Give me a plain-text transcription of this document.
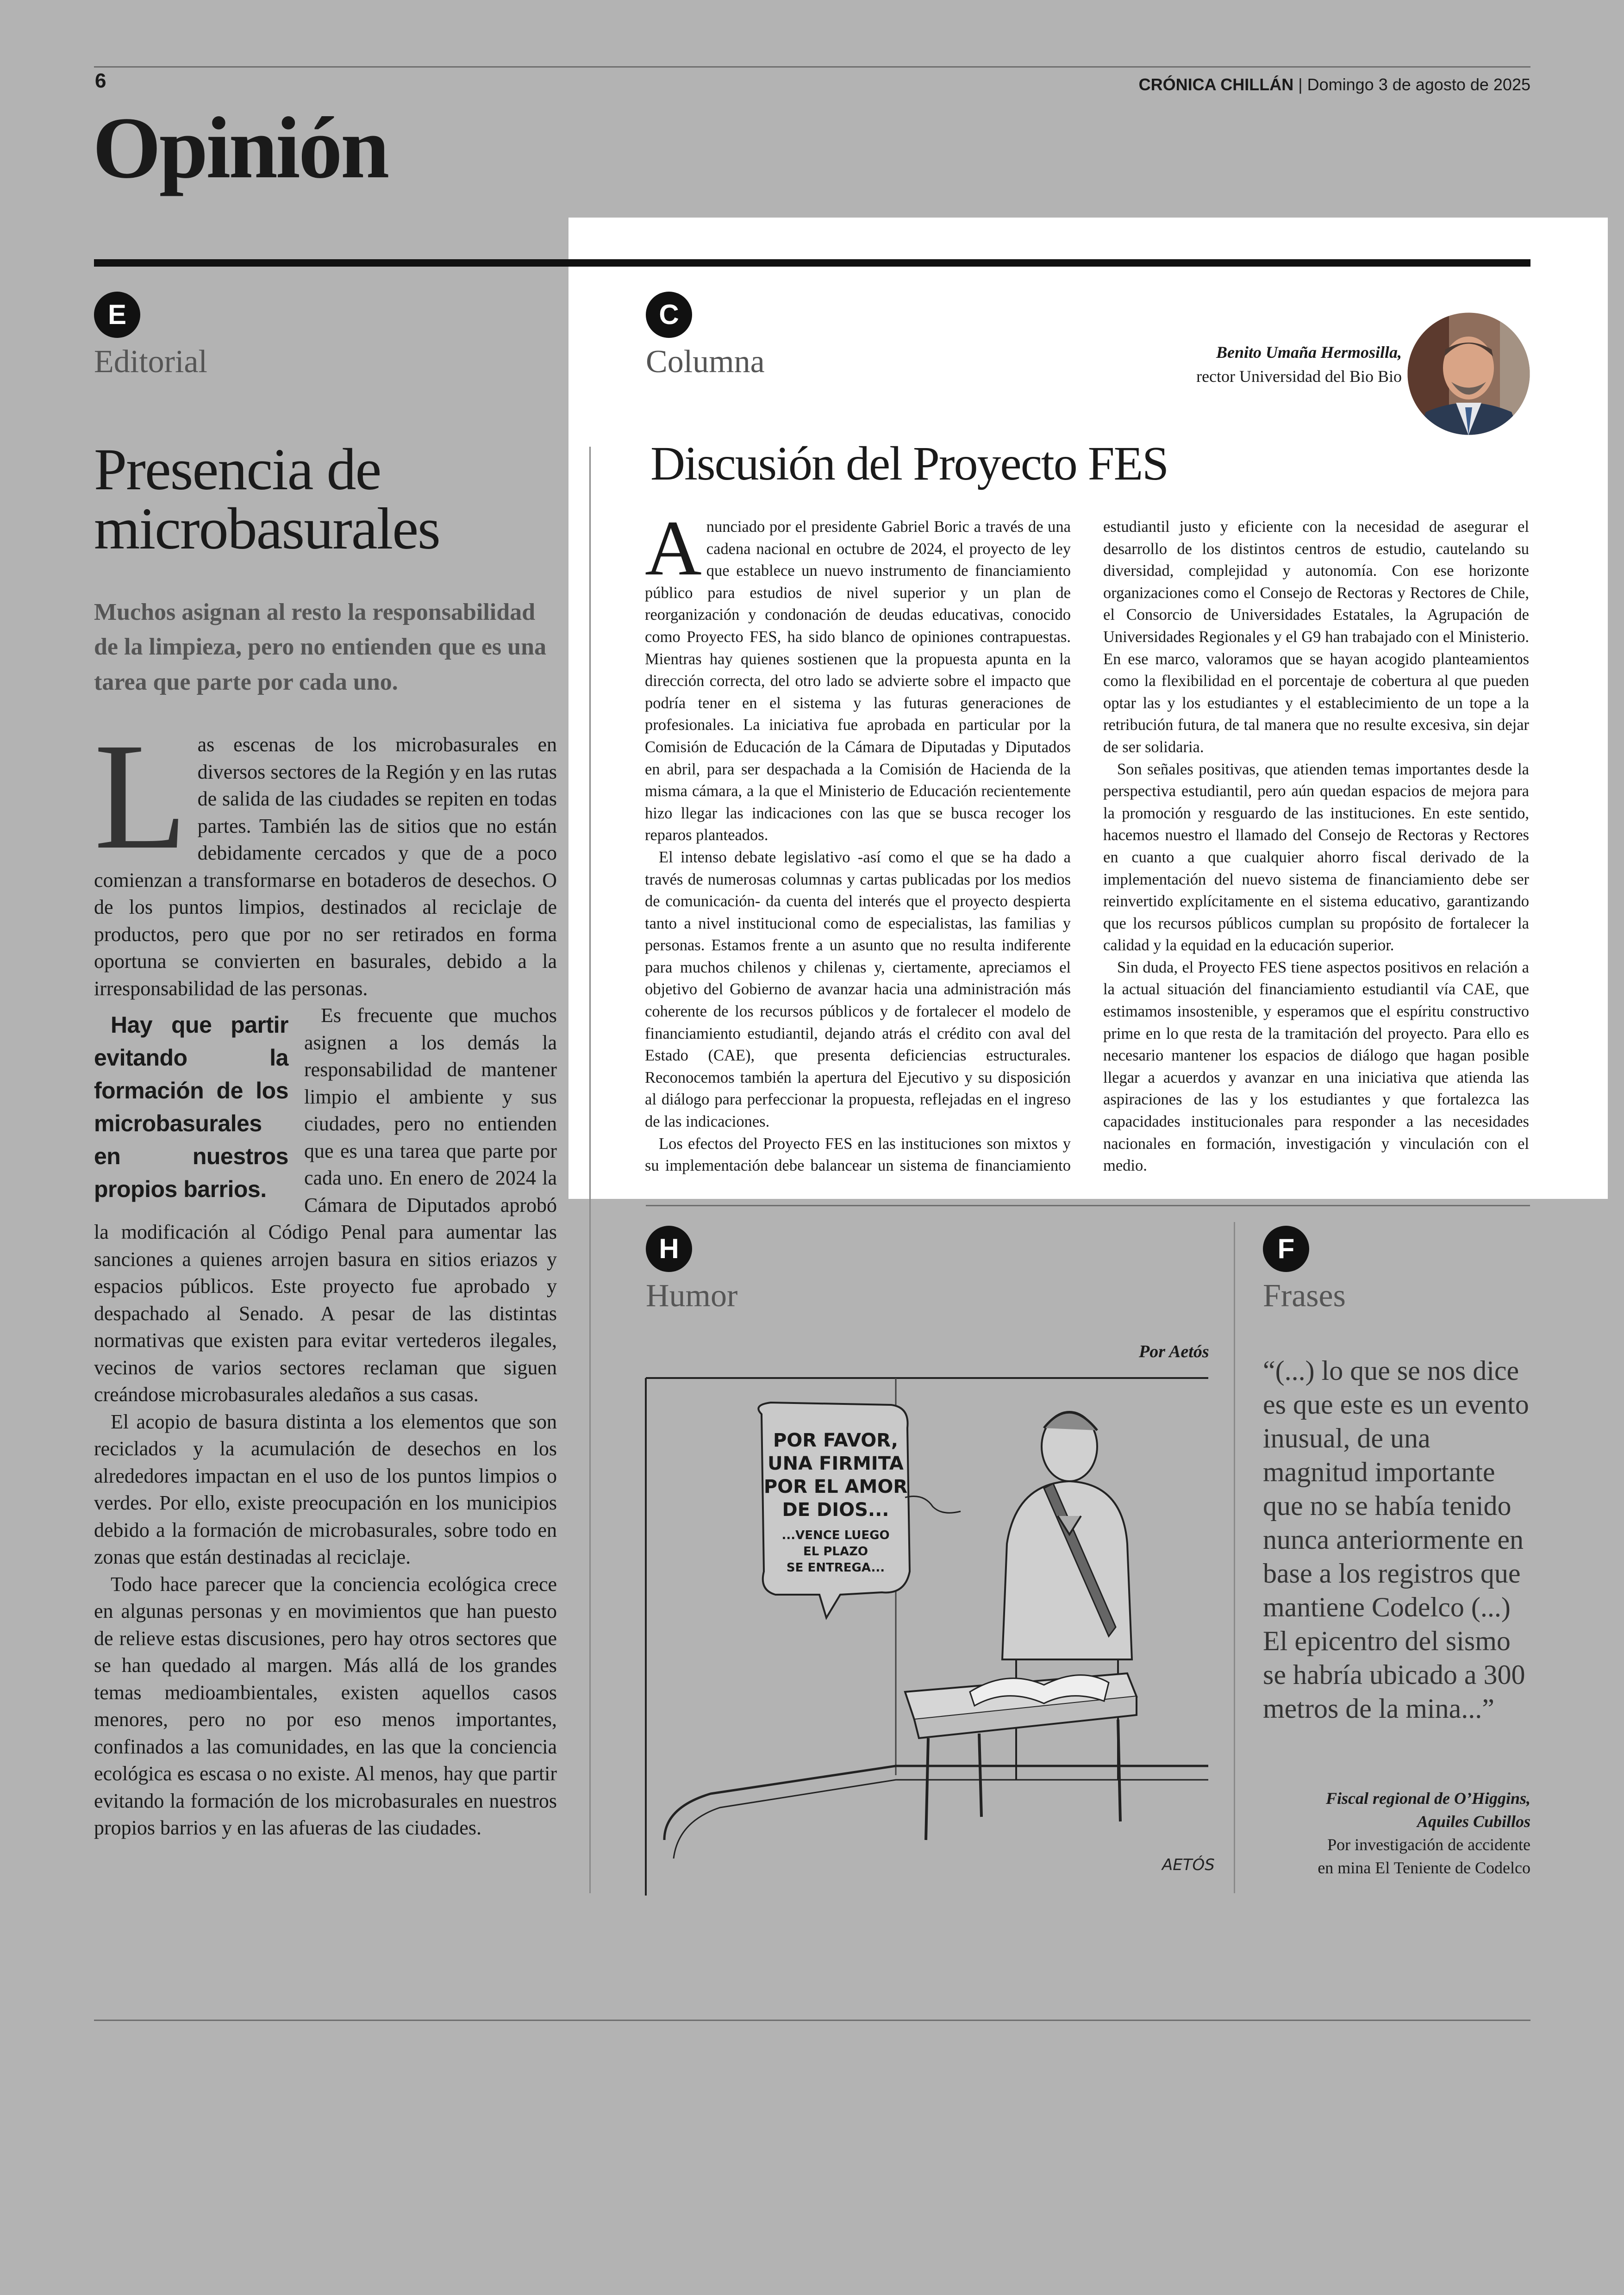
6	CRÓNICA CHILLÁN | Domingo 3 de agosto de 2025
Opinión
E
Editorial
Presencia de microbasurales
Muchos asignan al resto la responsabilidad de la limpieza, pero no entienden que es una tarea que parte por cada uno.

Las escenas de los microbasurales en diversos sectores de la Región y en las rutas de salida de las ciudades se repiten en todas partes. También las de sitios que no están debidamente cercados y que de a poco comienzan a transformarse en botaderos de desechos. O de los puntos limpios, destinados al reciclaje de productos, pero que por no ser retirados en forma oportuna se convierten en basurales, debido a la irresponsabilidad de las personas.

Hay que partir evitando la formación de los microbasurales en nuestros propios barrios.
Es frecuente que muchos asignen a los demás la responsabilidad de mantener limpio el ambiente y sus ciudades, pero no entienden que es una tarea que parte por cada uno. En enero de 2024 la Cámara de Diputados aprobó la modificación al Código Penal para aumentar las sanciones a quienes arrojen basura en sitios eriazos y espacios públicos. Este proyecto fue aprobado y despachado al Senado. A pesar de las distintas normativas que existen para evitar vertederos ilegales, vecinos de varios sectores reclaman que siguen creándose microbasurales aledaños a sus casas.

El acopio de basura distinta a los elementos que son reciclados y la acumulación de desechos en los alrededores impactan en el uso de los puntos limpios o verdes. Por ello, existe preocupación en los municipios debido a la formación de microbasurales, sobre todo en zonas que están destinadas al reciclaje.

Todo hace parecer que la conciencia ecológica crece en algunas personas y en movimientos que han puesto de relieve estas discusiones, pero hay otros sectores que se han quedado al margen. Más allá de los grandes temas medioambientales, existen aquellos casos menores, pero no por eso menos importantes, confinados a las comunidades, en las que la conciencia ecológica es escasa o no existe. Al menos, hay que partir evitando la formación de los microbasurales en nuestros propios barrios y en las afueras de las ciudades.

C
Columna	Benito Umaña Hermosilla,
rector Universidad del Bio Bio
Discusión del Proyecto FES

Anunciado por el presidente Gabriel Boric a través de una cadena nacional en octubre de 2024, el proyecto de ley que establece un nuevo instrumento de financiamiento público para estudios de nivel superior y un plan de reorganización y condonación de deudas educativas, conocido como Proyecto FES, ha sido blanco de opiniones contrapuestas. Mientras hay quienes sostienen que la propuesta apunta en la dirección correcta, del otro lado se advierte sobre el impacto que podría tener en el sistema y las futuras generaciones de profesionales. La iniciativa fue aprobada en particular por la Comisión de Educación de la Cámara de Diputadas y Diputados en abril, para ser despachada a la Comisión de Hacienda de la misma cámara, a la que el Ministerio de Educación recientemente hizo llegar las indicaciones con las que se busca recoger los reparos planteados.

El intenso debate legislativo -así como el que se ha dado a través de numerosas columnas y cartas publicadas por los medios de comunicación- da cuenta del interés que el proyecto despierta tanto a nivel institucional como de especialistas, las familias y personas. Estamos frente a un asunto que no resulta indiferente para muchos chilenos y chilenas y, ciertamente, apreciamos el objetivo del Gobierno de avanzar hacia una administración más coherente de los recursos públicos y de fortalecer el modelo de financiamiento estudiantil, dejando atrás el crédito con aval del Estado (CAE), que presenta deficiencias estructurales. Reconocemos también la apertura del Ejecutivo y su disposición al diálogo para perfeccionar la propuesta, reflejadas en el ingreso de las indicaciones.

Los efectos del Proyecto FES en las instituciones son mixtos y su implementación debe balancear un sistema de financiamiento estudiantil justo y eficiente con la necesidad de asegurar el desarrollo de los distintos centros de estudio, cautelando su diversidad, complejidad y autonomía. Con ese horizonte organizaciones como el Consejo de Rectoras y Rectores de Chile, el Consorcio de Universidades Estatales, la Agrupación de Universidades Regionales y el G9 han trabajado con el Ministerio. En ese marco, valoramos que se hayan acogido planteamientos como la flexibilidad en el porcentaje de cobertura al que pueden optar las y los estudiantes y el establecimiento de un tope a la retribución futura, de tal manera que no resulte excesiva, sin dejar de ser solidaria.

Son señales positivas, que atienden temas importantes desde la perspectiva estudiantil, pero aún quedan espacios de mejora para la promoción y resguardo de las instituciones. En este sentido, hacemos nuestro el llamado del Consejo de Rectoras y Rectores en cuanto a que cualquier ahorro fiscal derivado de la implementación del nuevo sistema de financiamiento debe ser reinvertido explícitamente en el sistema educativo, garantizando que los recursos públicos cumplan su propósito de fortalecer la calidad y la equidad en la educación superior.

Sin duda, el Proyecto FES tiene aspectos positivos en relación a la actual situación del financiamiento estudiantil vía CAE, que estimamos insostenible, y esperamos que el espíritu constructivo prime en lo que resta de la tramitación del proyecto. Para ello es necesario mantener los espacios de diálogo que hagan posible llegar a acuerdos y avanzar en una iniciativa que atienda las aspiraciones de las y los estudiantes y que fortalezca las capacidades institucionales para responder a las necesidades nacionales en formación, investigación y vinculación con el medio.

H
Humor
Por Aetós
POR FAVOR,
UNA FIRMITA
POR EL AMOR
DE DIOS...
...VENCE LUEGO
EL PLAZO
SE ENTREGA...
AETÓS
F
Frases
“(...) lo que se nos dice es que este es un evento inusual, de una magnitud importante que no se había tenido nunca anteriormente en base a los registros que mantiene Codelco (...) El epicentro del sismo se habría ubicado a 300 metros de la mina...”
Fiscal regional de O’Higgins,
Aquiles Cubillos
Por investigación de accidente
en mina El Teniente de Codelco
